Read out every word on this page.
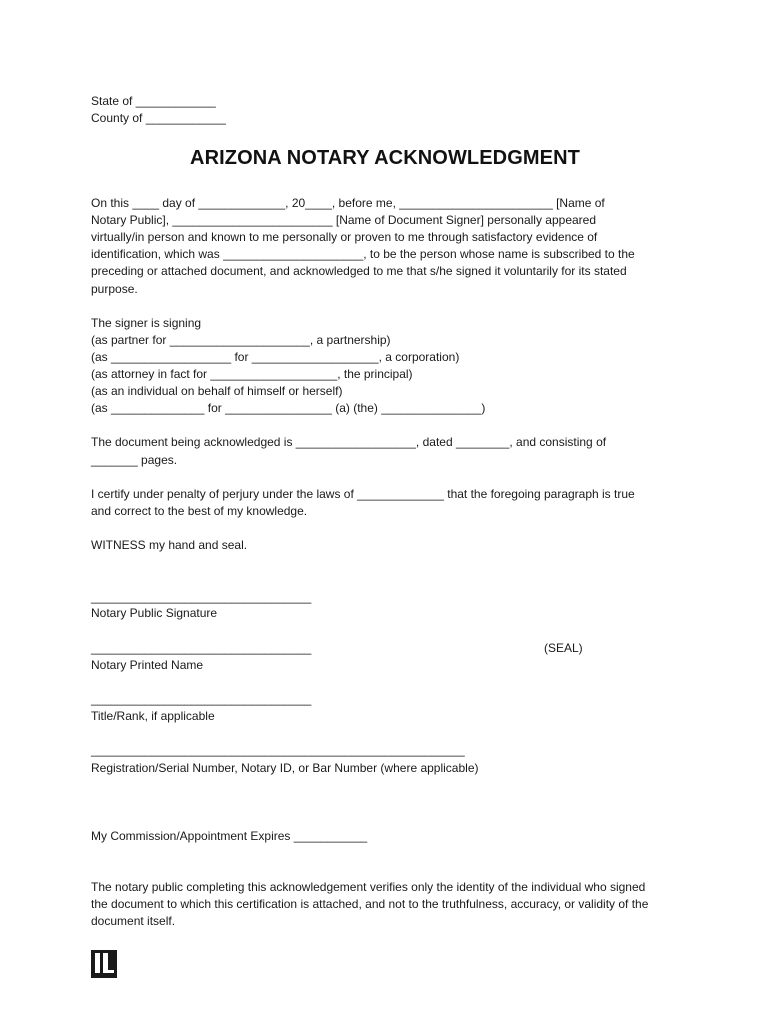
State of ____________
County of ____________
ARIZONA NOTARY ACKNOWLEDGMENT
On this ____ day of _____________, 20____, before me, _______________________ [Name of
Notary Public], ________________________ [Name of Document Signer] personally appeared
virtually/in person and known to me personally or proven to me through satisfactory evidence of
identification, which was _____________________, to be the person whose name is subscribed to the
preceding or attached document, and acknowledged to me that s/he signed it voluntarily for its stated
purpose.
The signer is signing
(as partner for _____________________, a partnership)
(as __________________ for ___________________, a corporation)
(as attorney in fact for ___________________, the principal)
(as an individual on behalf of himself or herself)
(as ______________ for ________________ (a) (the) _______________)
The document being acknowledged is __________________, dated ________, and consisting of
_______ pages.
I certify under penalty of perjury under the laws of _____________ that the foregoing paragraph is true
and correct to the best of my knowledge.
WITNESS my hand and seal.
_________________________________
Notary Public Signature
_________________________________	(SEAL)
Notary Printed Name
_________________________________
Title/Rank, if applicable
________________________________________________________
Registration/Serial Number, Notary ID, or Bar Number (where applicable)
My Commission/Appointment Expires ___________
The notary public completing this acknowledgement verifies only the identity of the individual who signed
the document to which this certification is attached, and not to the truthfulness, accuracy, or validity of the
document itself.
